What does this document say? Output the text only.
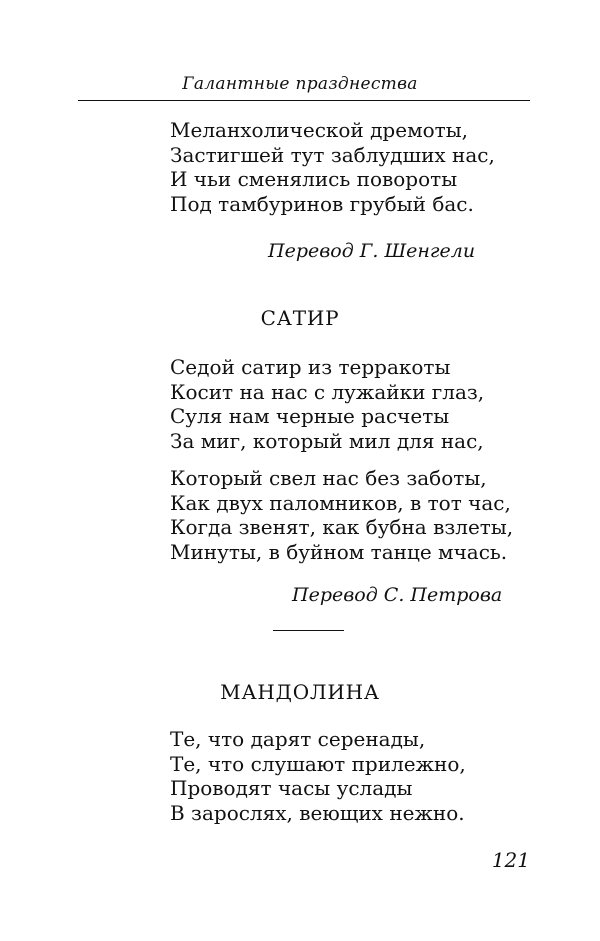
Галантные празднества
Меланхолической дремоты,
Застигшей тут заблудших нас,
И чьи сменялись повороты
Под тамбуринов грубый бас.
Перевод Г. Шенгели
САТИР
Седой сатир из терракоты
Косит на нас с лужайки глаз,
Суля нам черные расчеты
За миг, который мил для нас,
Который свел нас без заботы,
Как двух паломников, в тот час,
Когда звенят, как бубна взлеты,
Минуты, в буйном танце мчась.
Перевод С. Петрова
МАНДОЛИНА
Те, что дарят серенады,
Те, что слушают прилежно,
Проводят часы услады
В зарослях, веющих нежно.
121
